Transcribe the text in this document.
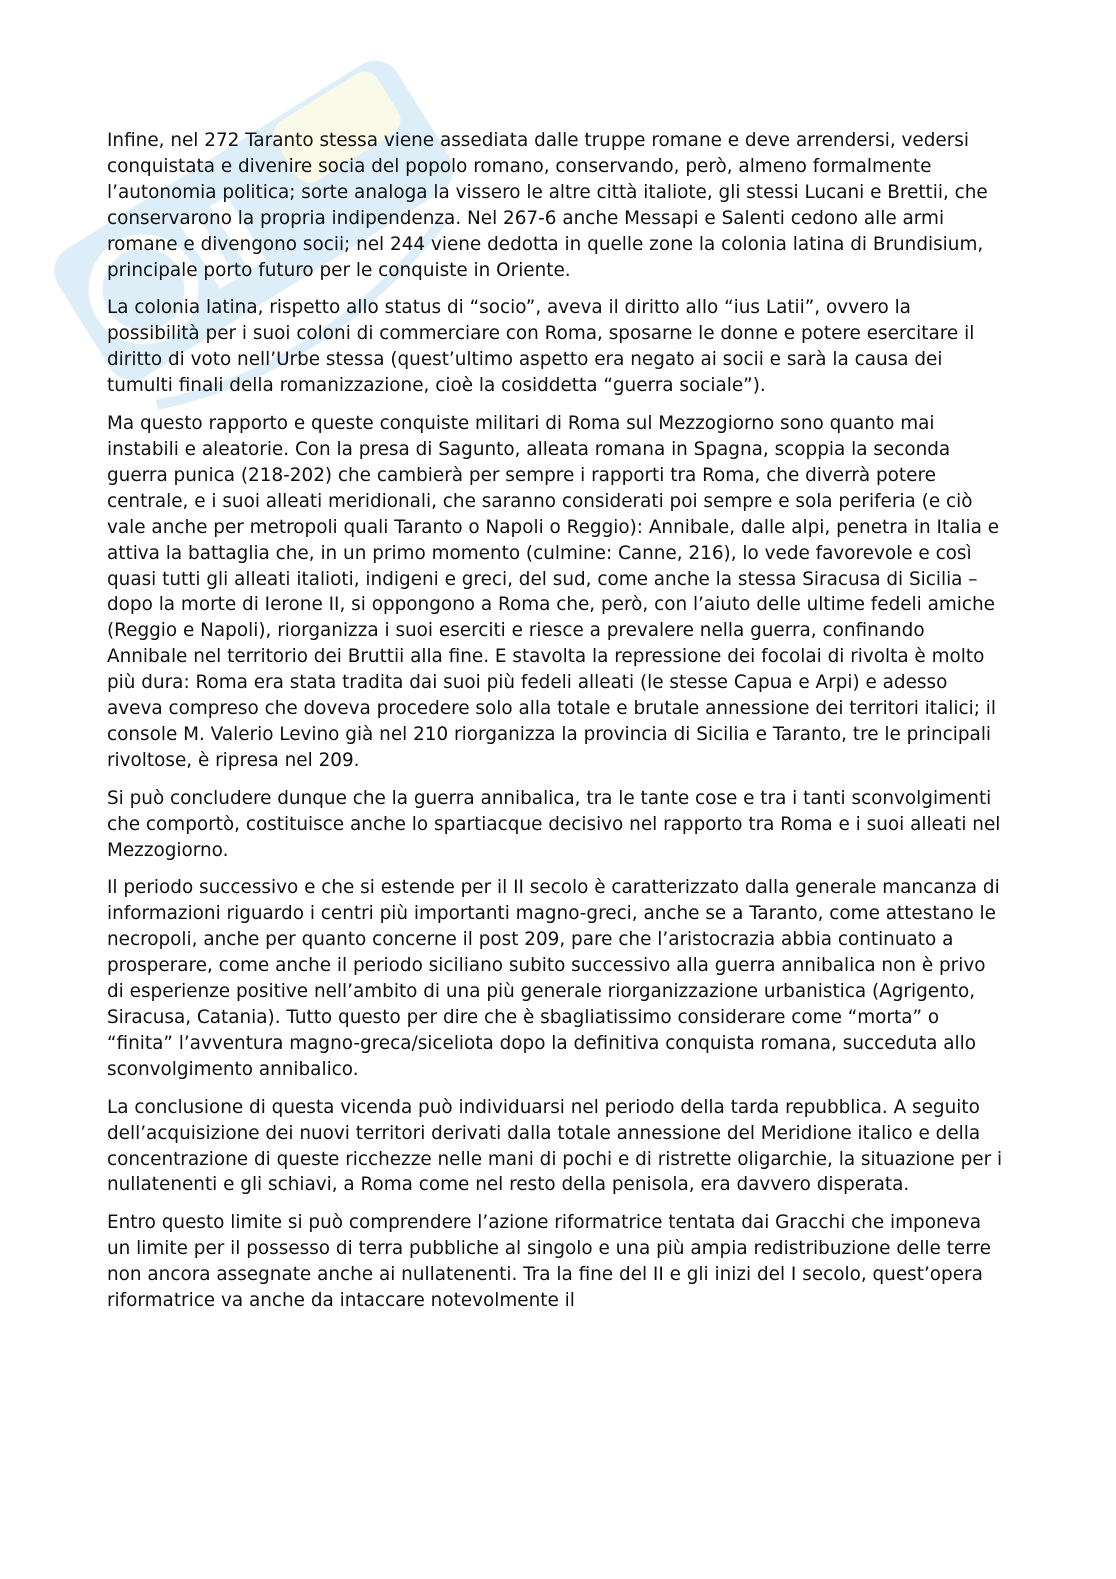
Infine, nel 272 Taranto stessa viene assediata dalle truppe romane e deve arrendersi, vedersi conquistata e divenire socia del popolo romano, conservando, però, almeno formalmente l’autonomia politica; sorte analoga la vissero le altre città italiote, gli stessi Lucani e Brettii, che conservarono la propria indipendenza. Nel 267-6 anche Messapi e Salenti cedono alle armi romane e divengono socii; nel 244 viene dedotta in quelle zone la colonia latina di Brundisium, principale porto futuro per le conquiste in Oriente.

La colonia latina, rispetto allo status di “socio”, aveva il diritto allo “ius Latii”, ovvero la possibilità per i suoi coloni di commerciare con Roma, sposarne le donne e potere esercitare il diritto di voto nell’Urbe stessa (quest’ultimo aspetto era negato ai socii e sarà la causa dei tumulti finali della romanizzazione, cioè la cosiddetta “guerra sociale”).

Ma questo rapporto e queste conquiste militari di Roma sul Mezzogiorno sono quanto mai instabili e aleatorie. Con la presa di Sagunto, alleata romana in Spagna, scoppia la seconda guerra punica (218-202) che cambierà per sempre i rapporti tra Roma, che diverrà potere centrale, e i suoi alleati meridionali, che saranno considerati poi sempre e sola periferia (e ciò vale anche per metropoli quali Taranto o Napoli o Reggio): Annibale, dalle alpi, penetra in Italia e attiva la battaglia che, in un primo momento (culmine: Canne, 216), lo vede favorevole e così quasi tutti gli alleati italioti, indigeni e greci, del sud, come anche la stessa Siracusa di Sicilia – dopo la morte di Ierone II, si oppongono a Roma che, però, con l’aiuto delle ultime fedeli amiche (Reggio e Napoli), riorganizza i suoi eserciti e riesce a prevalere nella guerra, confinando Annibale nel territorio dei Bruttii alla fine. E stavolta la repressione dei focolai di rivolta è molto più dura: Roma era stata tradita dai suoi più fedeli alleati (le stesse Capua e Arpi) e adesso aveva compreso che doveva procedere solo alla totale e brutale annessione dei territori italici; il console M. Valerio Levino già nel 210 riorganizza la provincia di Sicilia e Taranto, tre le principali rivoltose, è ripresa nel 209.

Si può concludere dunque che la guerra annibalica, tra le tante cose e tra i tanti sconvolgimenti che comportò, costituisce anche lo spartiacque decisivo nel rapporto tra Roma e i suoi alleati nel Mezzogiorno.

Il periodo successivo e che si estende per il II secolo è caratterizzato dalla generale mancanza di informazioni riguardo i centri più importanti magno-greci, anche se a Taranto, come attestano le necropoli, anche per quanto concerne il post 209, pare che l’aristocrazia abbia continuato a prosperare, come anche il periodo siciliano subito successivo alla guerra annibalica non è privo di esperienze positive nell’ambito di una più generale riorganizzazione urbanistica (Agrigento, Siracusa, Catania). Tutto questo per dire che è sbagliatissimo considerare come “morta” o “finita” l’avventura magno-greca/siceliota dopo la definitiva conquista romana, succeduta allo sconvolgimento annibalico.

La conclusione di questa vicenda può individuarsi nel periodo della tarda repubblica. A seguito dell’acquisizione dei nuovi territori derivati dalla totale annessione del Meridione italico e della concentrazione di queste ricchezze nelle mani di pochi e di ristrette oligarchie, la situazione per i nullatenenti e gli schiavi, a Roma come nel resto della penisola, era davvero disperata.

Entro questo limite si può comprendere l’azione riformatrice tentata dai Gracchi che imponeva un limite per il possesso di terra pubbliche al singolo e una più ampia redistribuzione delle terre non ancora assegnate anche ai nullatenenti. Tra la fine del II e gli inizi del I secolo, quest’opera riformatrice va anche da intaccare notevolmente il
